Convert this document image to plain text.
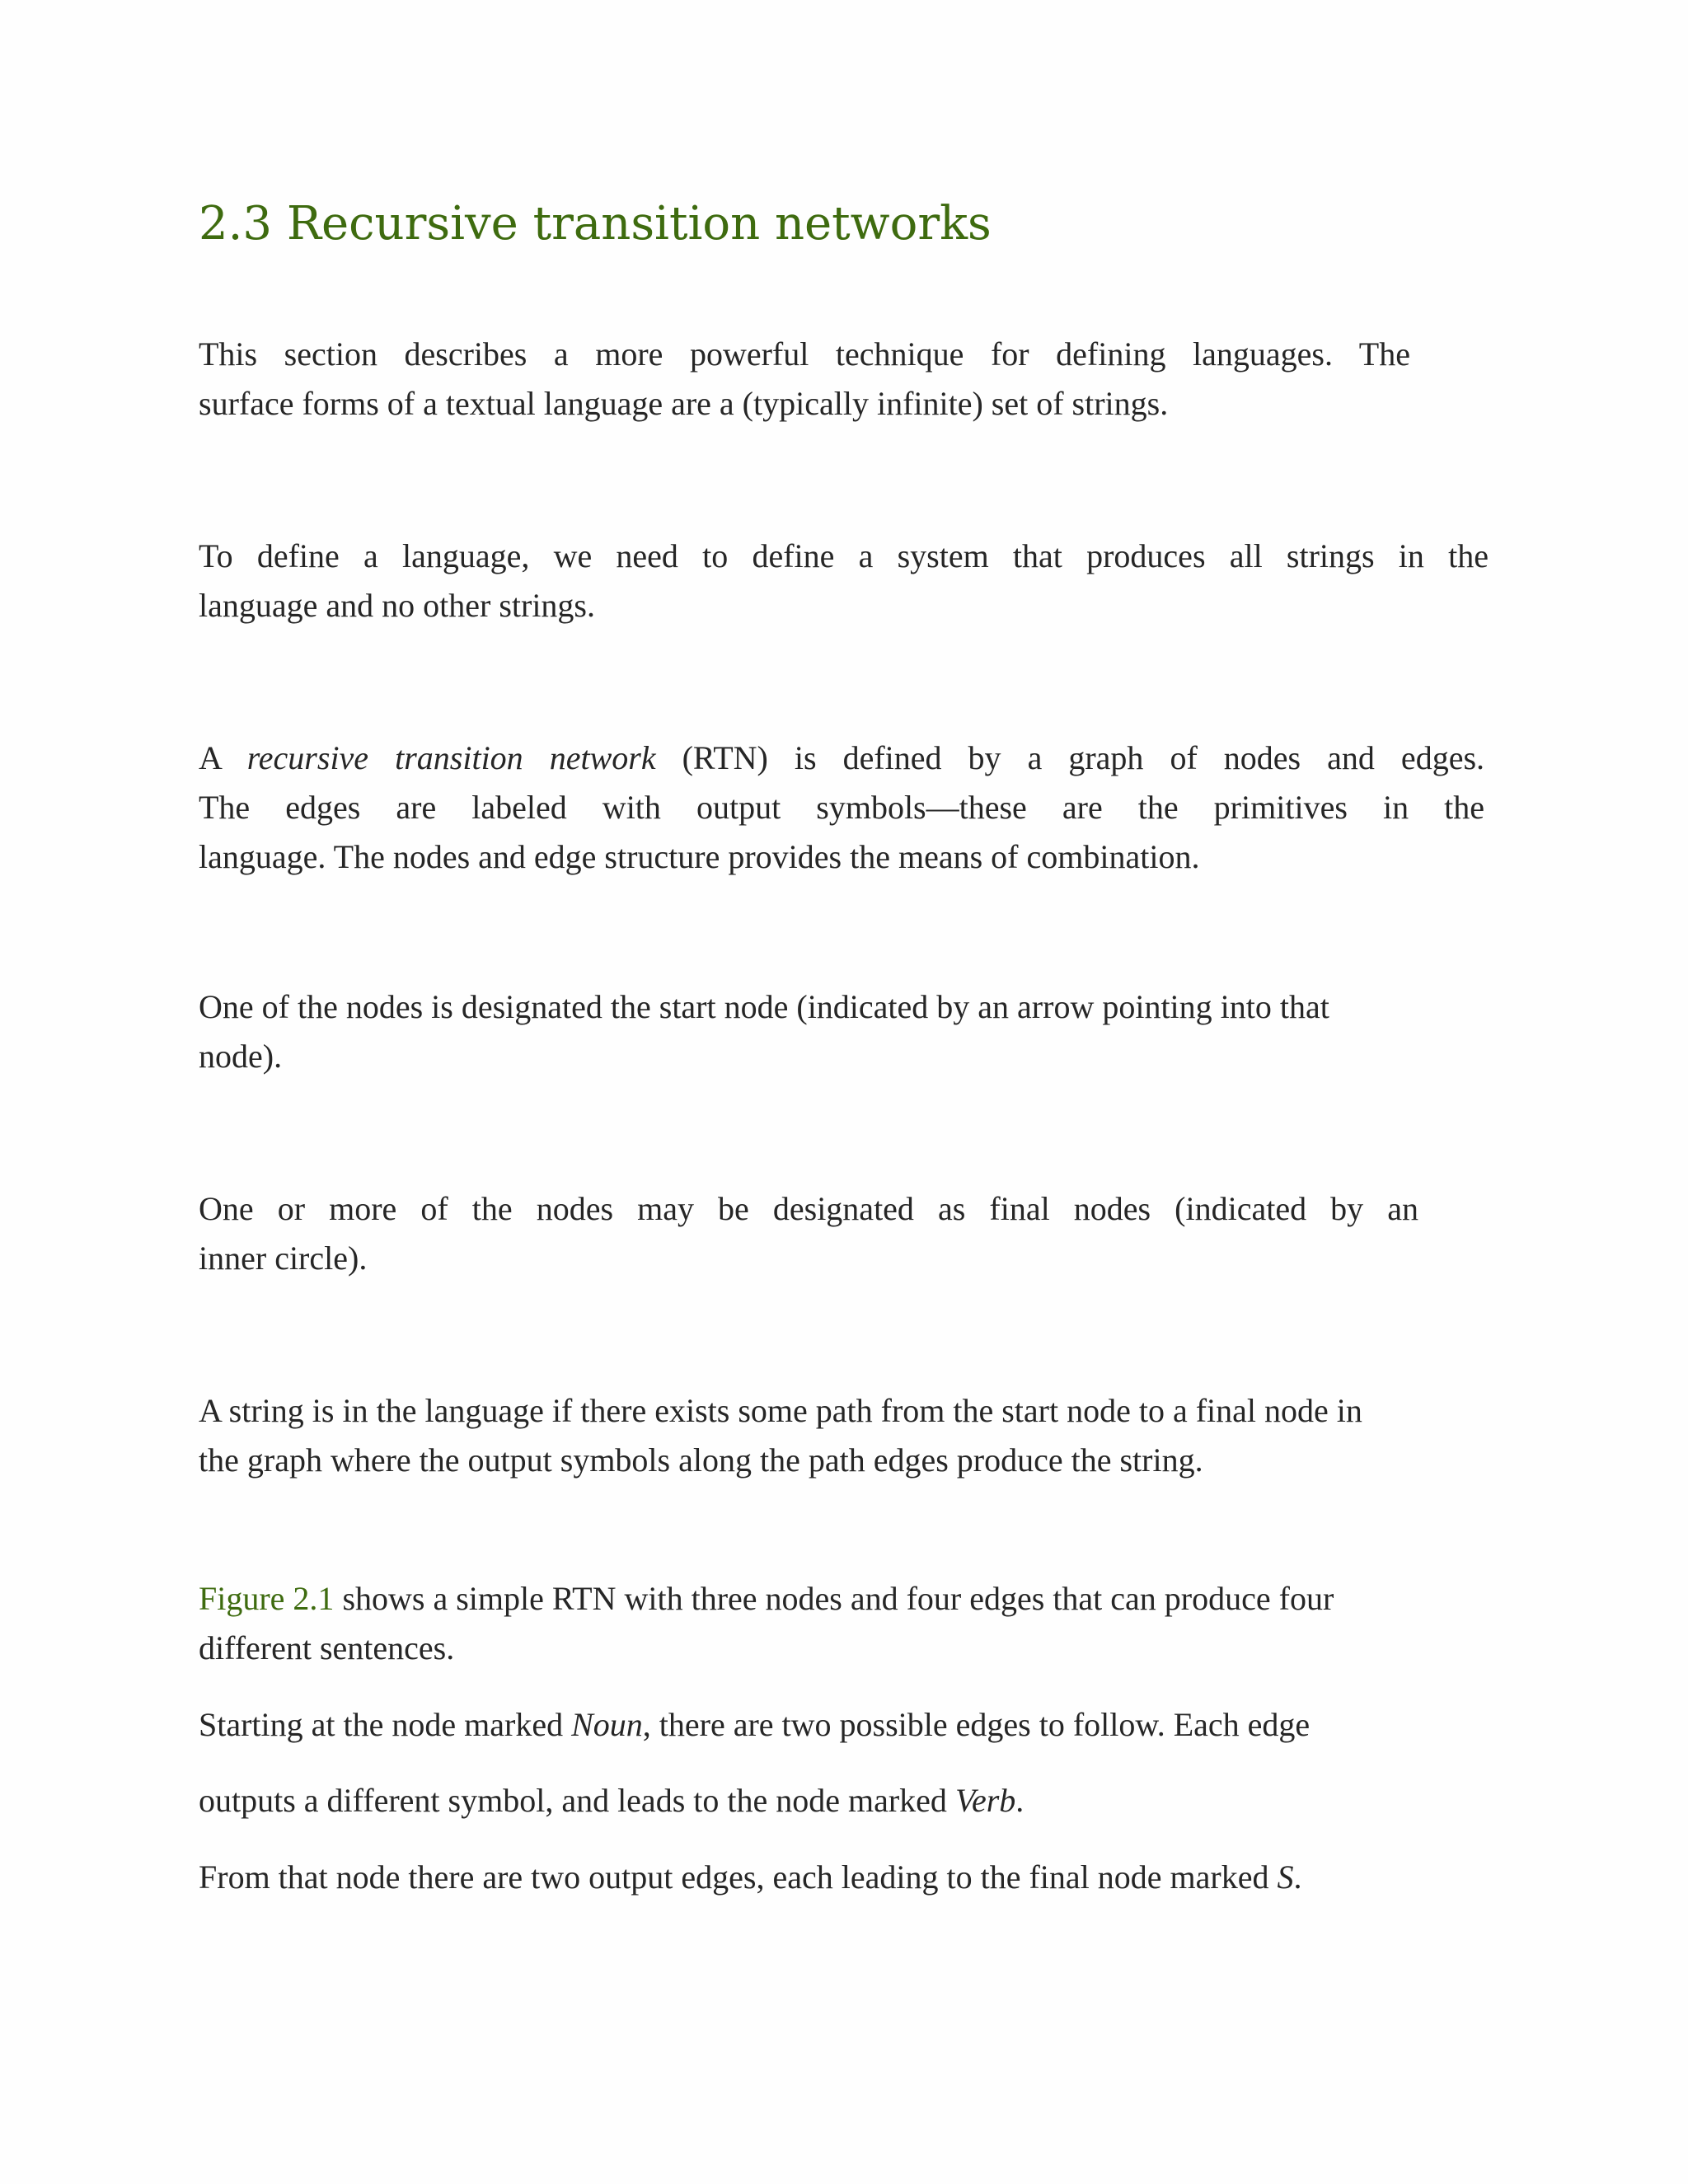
2.3 Recursive transition networks

This section describes a more powerful technique for defining languages. The
surface forms of a textual language are a (typically infinite) set of strings.

To define a language, we need to define a system that produces all strings in the
language and no other strings.

A recursive transition network (RTN) is defined by a graph of nodes and edges.
The edges are labeled with output symbols—these are the primitives in the
language. The nodes and edge structure provides the means of combination.

One of the nodes is designated the start node (indicated by an arrow pointing into that
node).

One or more of the nodes may be designated as final nodes (indicated by an
inner circle).

A string is in the language if there exists some path from the start node to a final node in
the graph where the output symbols along the path edges produce the string.

Figure 2.1 shows a simple RTN with three nodes and four edges that can produce four
different sentences.

Starting at the node marked Noun, there are two possible edges to follow. Each edge

outputs a different symbol, and leads to the node marked Verb.

From that node there are two output edges, each leading to the final node marked S.
